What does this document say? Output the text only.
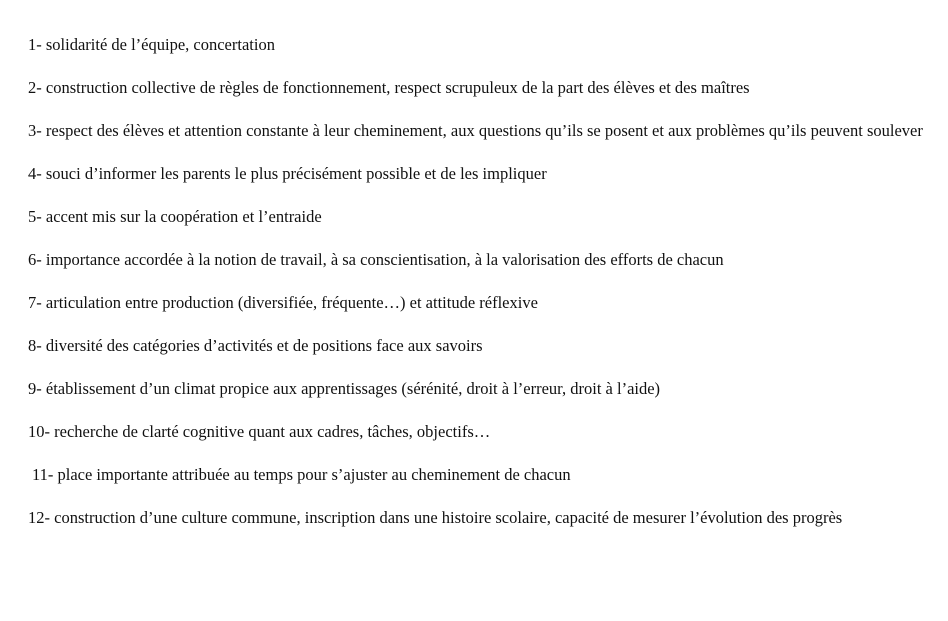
1- solidarité de l’équipe, concertation

2- construction collective de règles de fonctionnement, respect scrupuleux de la part des élèves et des maîtres

3- respect des élèves et attention constante à leur cheminement, aux questions qu’ils se posent et aux problèmes qu’ils peuvent soulever

4- souci d’informer les parents le plus précisément possible et de les impliquer

5- accent mis sur la coopération et l’entraide

6- importance accordée à la notion de travail, à sa conscientisation, à la valorisation des efforts de chacun

7- articulation entre production (diversifiée, fréquente…) et attitude réflexive

8- diversité des catégories d’activités et de positions face aux savoirs

9- établissement d’un climat propice aux apprentissages (sérénité, droit à l’erreur, droit à l’aide)

10- recherche de clarté cognitive quant aux cadres, tâches, objectifs…

11- place importante attribuée au temps pour s’ajuster au cheminement de chacun

12- construction d’une culture commune, inscription dans une histoire scolaire, capacité de mesurer l’évolution des progrès
